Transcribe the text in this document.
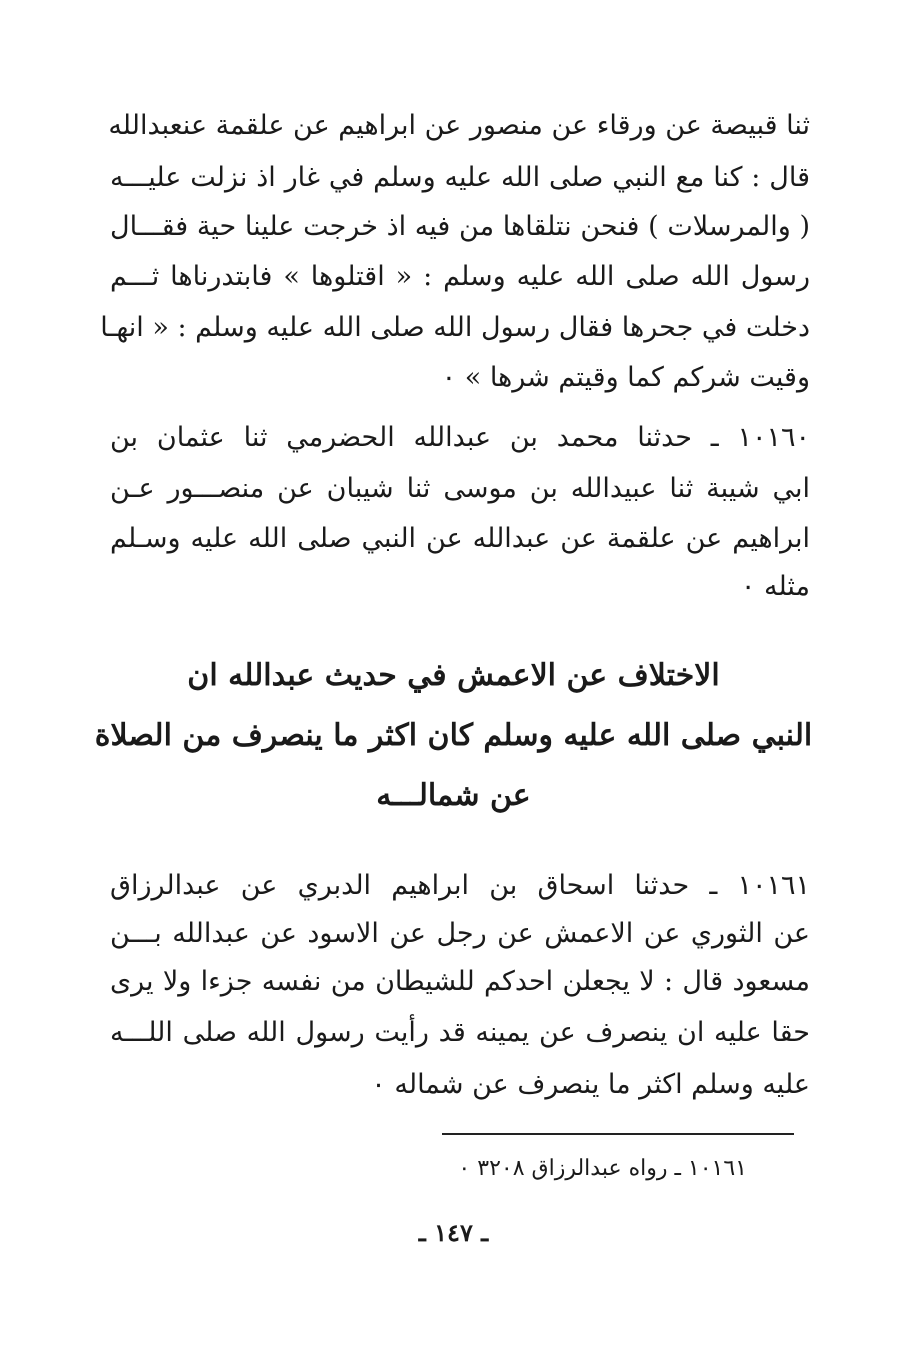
ثنا قبيصة عن ورقاء عن منصور عن ابراهيم عن علقمة عنعبدالله
قال : كنا مع النبي صلى الله عليه وسلم في غار اذ نزلت عليـــه
( والمرسلات ) فنحن نتلقاها من فيه اذ خرجت علينا حية فقـــال
رسول الله صلى الله عليه وسلم : « اقتلوها » فابتدرناها ثـــم
دخلت في جحرها فقال رسول الله صلى الله عليه وسلم : « انهـا
وقيت شركم كما وقيتم شرها » ٠
١٠١٦٠ ـ حدثنا محمد بن عبدالله الحضرمي ثنا عثمان بن
ابي شيبة ثنا عبيدالله بن موسى ثنا شيبان عن منصـــور عـن
ابراهيم عن علقمة عن عبدالله عن النبي صلى الله عليه وسـلم
مثله ٠
الاختلاف عن الاعمش في حديث عبدالله ان
النبي صلى الله عليه وسلم كان اكثر ما ينصرف من الصلاة
عن شمالـــه
١٠١٦١ ـ حدثنا اسحاق بن ابراهيم الدبري عن عبدالرزاق
عن الثوري عن الاعمش عن رجل عن الاسود عن عبدالله بـــن
مسعود قال : لا يجعلن احدكم للشيطان من نفسه جزءا ولا يرى
حقا عليه ان ينصرف عن يمينه قد رأيت رسول الله صلى اللـــه
عليه وسلم اكثر ما ينصرف عن شماله ٠
١٠١٦١ ـ رواه عبدالرزاق ٣٢٠٨ ٠
ـ ١٤٧ ـ
